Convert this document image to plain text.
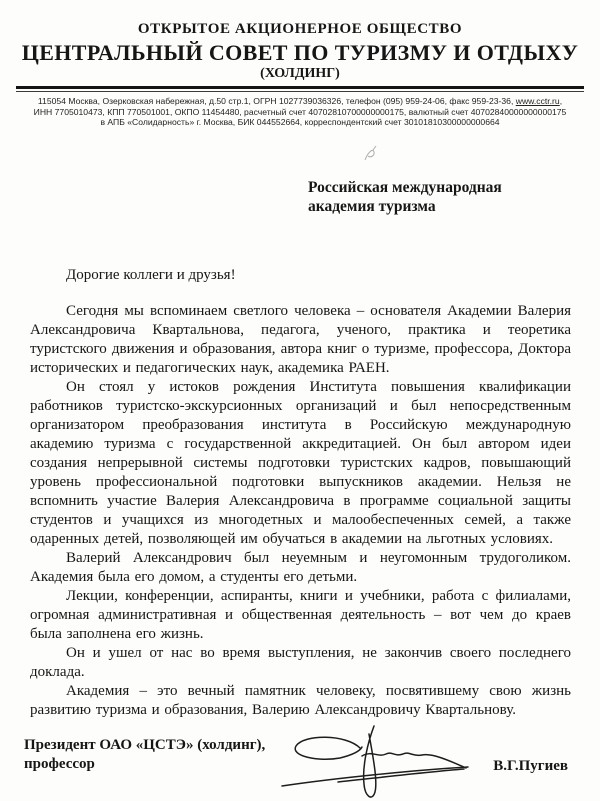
ОТКРЫТОЕ АКЦИОНЕРНОЕ ОБЩЕСТВО
ЦЕНТРАЛЬНЫЙ СОВЕТ ПО ТУРИЗМУ И ОТДЫХУ
(ХОЛДИНГ)
115054 Москва, Озерковская набережная, д.50 стр.1, ОГРН 1027739036326, телефон (095) 959-24-06, факс 959-23-36, www.cctr.ru,
ИНН 7705010473, КПП 770501001, ОКПО 11454480, расчетный счет 40702810700000000175, валютный счет 40702840000000000175
в АПБ «Солидарность» г. Москва, БИК 044552664, корреспондентский счет 30101810300000000664
Российская международная академия туризма
Дорогие коллеги и друзья!

Сегодня мы вспоминаем светлого человека – основателя Академии Валерия Александровича Квартальнова, педагога, ученого, практика и теоретика туристского движения и образования, автора книг о туризме, профессора, Доктора исторических и педагогических наук, академика РАЕН.

Он стоял у истоков рождения Института повышения квалификации работников туристско-экскурсионных организаций и был непосредственным организатором преобразования института в Российскую международную академию туризма с государственной аккредитацией. Он был автором идеи создания непрерывной системы подготовки туристских кадров, повышающий уровень профессиональной подготовки выпускников академии. Нельзя не вспомнить участие Валерия Александровича в программе социальной защиты студентов и учащихся из многодетных и малообеспеченных семей, а также одаренных детей, позволяющей им обучаться в академии на льготных условиях.

Валерий Александрович был неуемным и неугомонным трудоголиком. Академия была его домом, а студенты его детьми.

Лекции, конференции, аспиранты, книги и учебники, работа с филиалами, огромная административная и общественная деятельность – вот чем до краев была заполнена его жизнь.

Он и ушел от нас во время выступления, не закончив своего последнего доклада.

Академия – это вечный памятник человеку, посвятившему свою жизнь развитию туризма и образования, Валерию Александровичу Квартальнову.

Президент ОАО «ЦСТЭ» (холдинг),
профессор	В.Г.Пугиев
